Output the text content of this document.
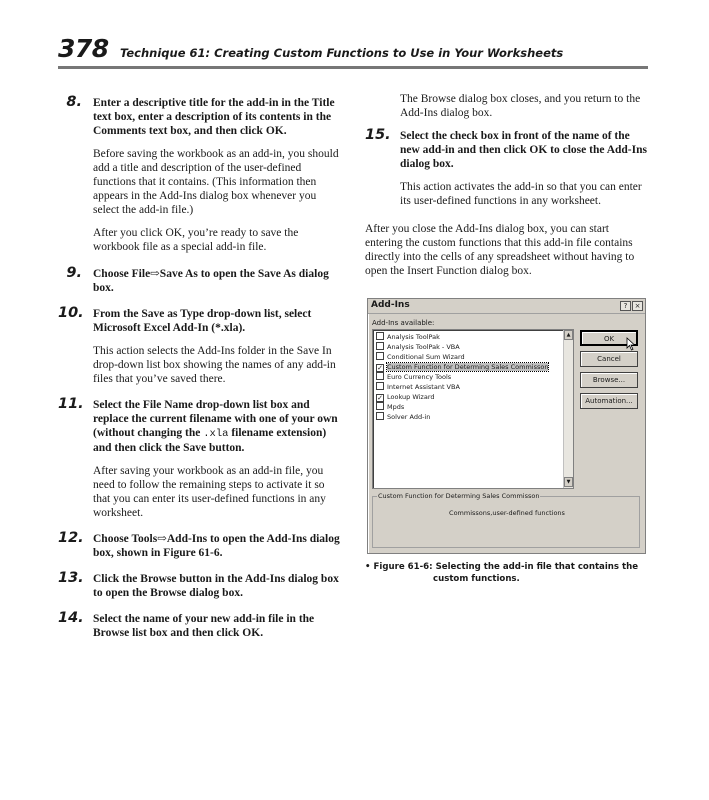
378 Technique 61: Creating Custom Functions to Use in Your Worksheets
8. Enter a descriptive title for the add-in in the Title text box, enter a description of its contents in the Comments text box, and then click OK.
Before saving the workbook as an add-in, you should add a title and description of the user-defined functions that it contains. (This information then appears in the Add-Ins dialog box whenever you select the add-in file.)
After you click OK, you’re ready to save the workbook file as a special add-in file.
9. Choose File⇨Save As to open the Save As dialog box.
10. From the Save as Type drop-down list, select Microsoft Excel Add-In (*.xla).
This action selects the Add-Ins folder in the Save In drop-down list box showing the names of any add-in files that you’ve saved there.
11. Select the File Name drop-down list box and replace the current filename with one of your own (without changing the .xla filename extension) and then click the Save button.
After saving your workbook as an add-in file, you need to follow the remaining steps to activate it so that you can enter its user-defined functions in any worksheet.
12. Choose Tools⇨Add-Ins to open the Add-Ins dialog box, shown in Figure 61-6.
13. Click the Browse button in the Add-Ins dialog box to open the Browse dialog box.
14. Select the name of your new add-in file in the Browse list box and then click OK.
The Browse dialog box closes, and you return to the Add-Ins dialog box.
15. Select the check box in front of the name of the new add-in and then click OK to close the Add-Ins dialog box.
This action activates the add-in so that you can enter its user-defined functions in any worksheet.
After you close the Add-Ins dialog box, you can start entering the custom functions that this add-in file contains directly into the cells of any spreadsheet without having to open the Insert Function dialog box.
Add-Ins	?	×
Add-Ins available:
Analysis ToolPak
Analysis ToolPak - VBA
Conditional Sum Wizard
✓ Custom Function for Determing Sales Commisson
Euro Currency Tools
Internet Assistant VBA
✓ Lookup Wizard
Mpds
Solver Add-in
▲
▼
OK
Cancel
Browse...
Automation...
Custom Function for Determing Sales Commisson
Commissons,user-defined functions
• Figure 61-6: Selecting the add-in file that contains the
custom functions.
